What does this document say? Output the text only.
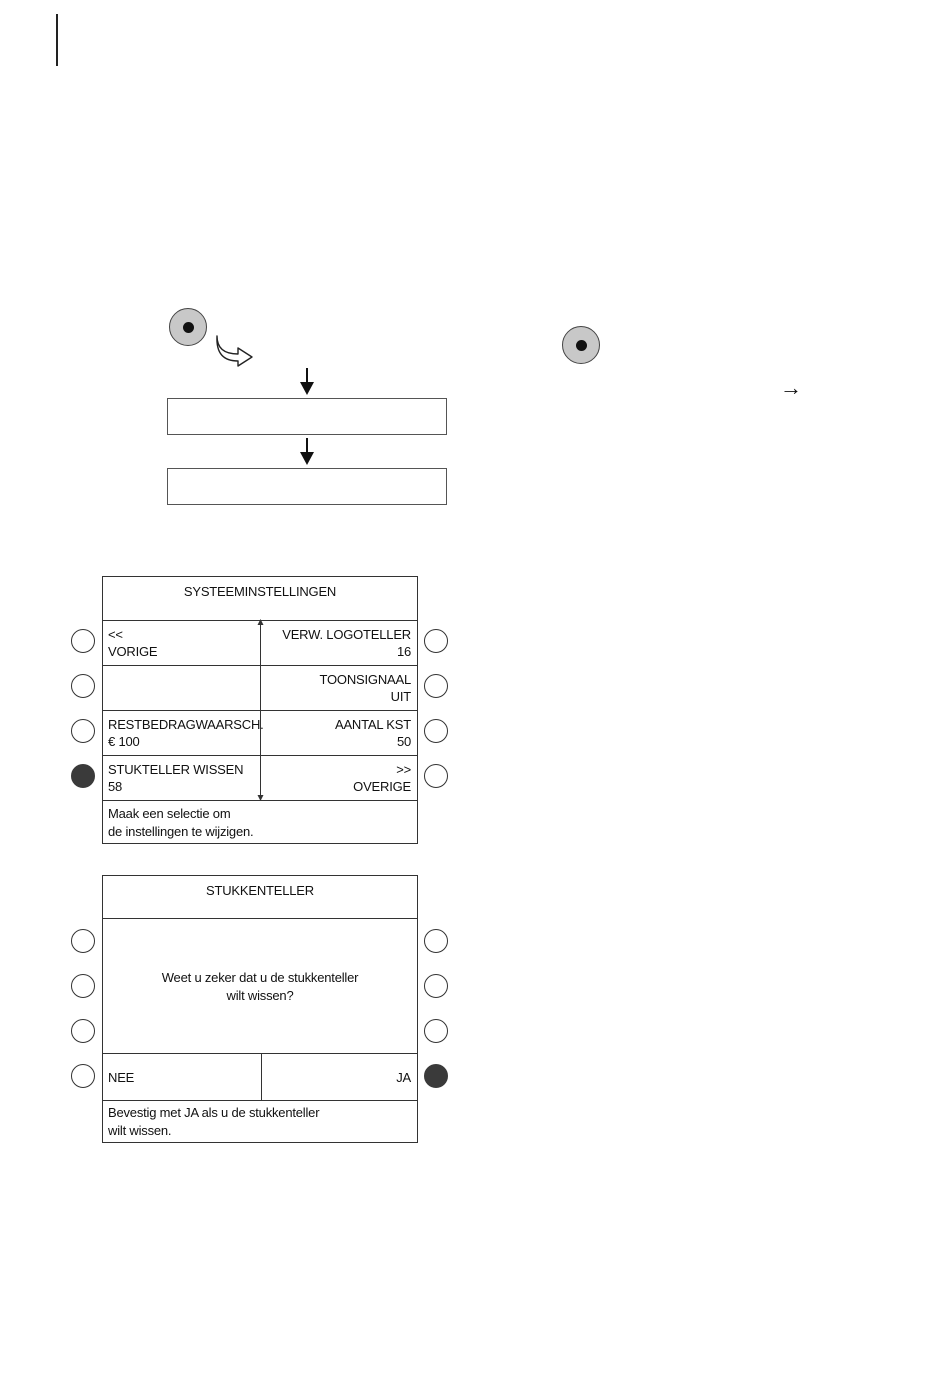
→
SYSTEEMINSTELLINGEN
<<
VORIGE
RESTBEDRAGWAARSCH.
€ 100
STUKTELLER WISSEN
58
VERW. LOGOTELLER
16
TOONSIGNAAL
UIT
AANTAL KST
50
>>
OVERIGE
Maak een selectie om
de instellingen te wijzigen.
STUKKENTELLER
Weet u zeker dat u de stukkenteller
wilt wissen?
NEE	JA
Bevestig met JA als u de stukkenteller
wilt wissen.
